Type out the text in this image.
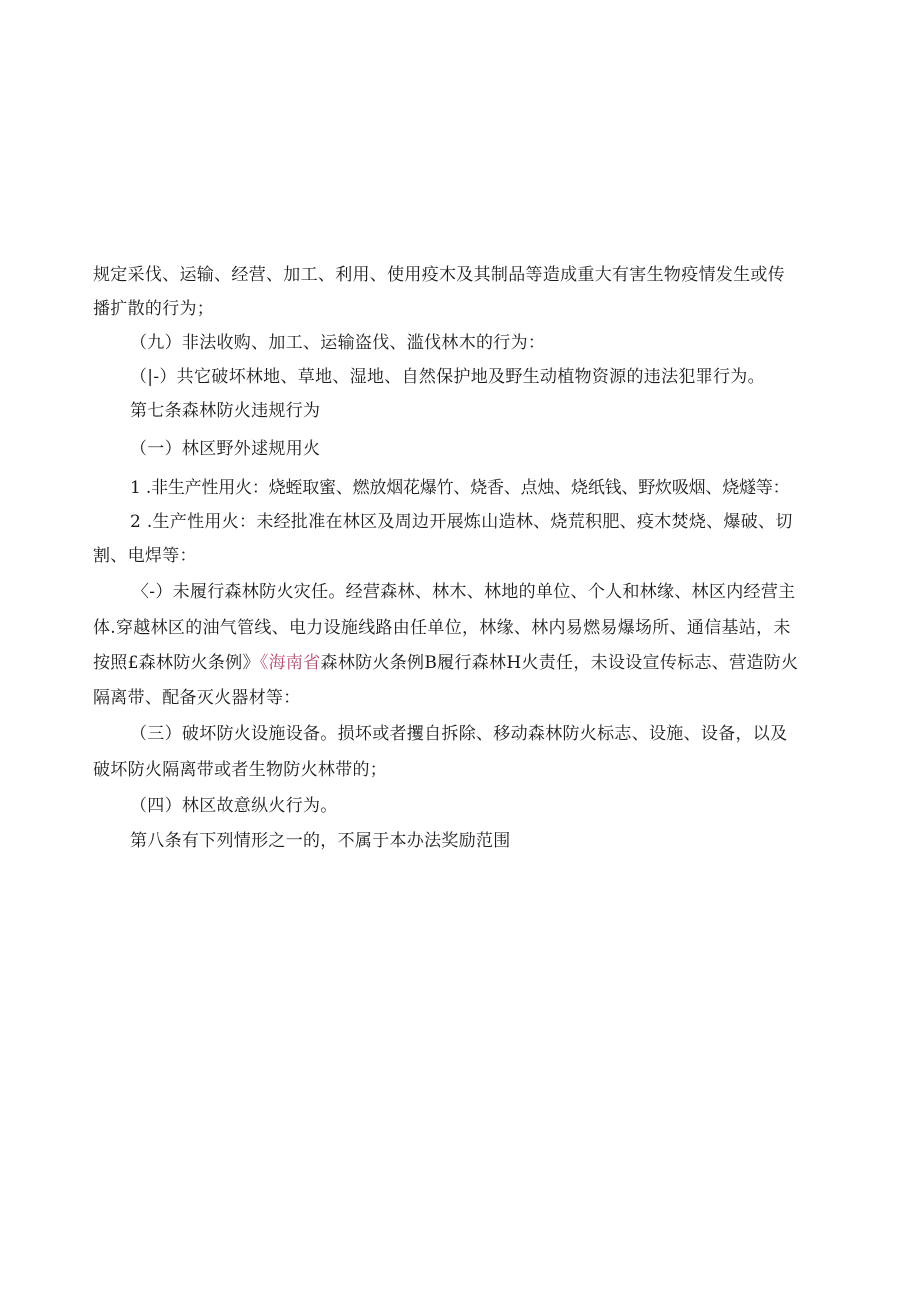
规定采伐、运输、经营、加工、利用、使用疫木及其制品等造成重大有害生物疫情发生或传
播扩散的行为；
（九）非法收购、加工、运输盗伐、滥伐林木的行为：
（|-）共它破坏林地、草地、湿地、自然保护地及野生动植物资源的违法犯罪行为。
第七条森林防火违规行为
（一）林区野外逑规用火
1 .非生产性用火：烧蛭取蜜、燃放烟花爆竹、烧香、点烛、烧纸钱、野炊吸烟、烧燧等：
2 .生产性用火：未经批准在林区及周边开展炼山造林、烧荒积肥、疫木焚烧、爆破、切
割、电焊等：
〈-）未履行森林防火灾任。经营森林、林木、林地的单位、个人和林缘、林区内经营主
体.穿越林区的油气管线、电力设施线路由任单位，林缘、林内易燃易爆场所、通信基站，未
按照£森林防火条例》《海南省森林防火条例B履行森林H火责任，未设设宣传标志、营造防火
隔离带、配备灭火器材等：
（三）破坏防火设施设备。损坏或者攫自拆除、移动森林防火标志、设施、设备，以及
破坏防火隔离带或者生物防火林带的；
（四）林区故意纵火行为。
第八条有下列情形之一的，不属于本办法奖励范围
